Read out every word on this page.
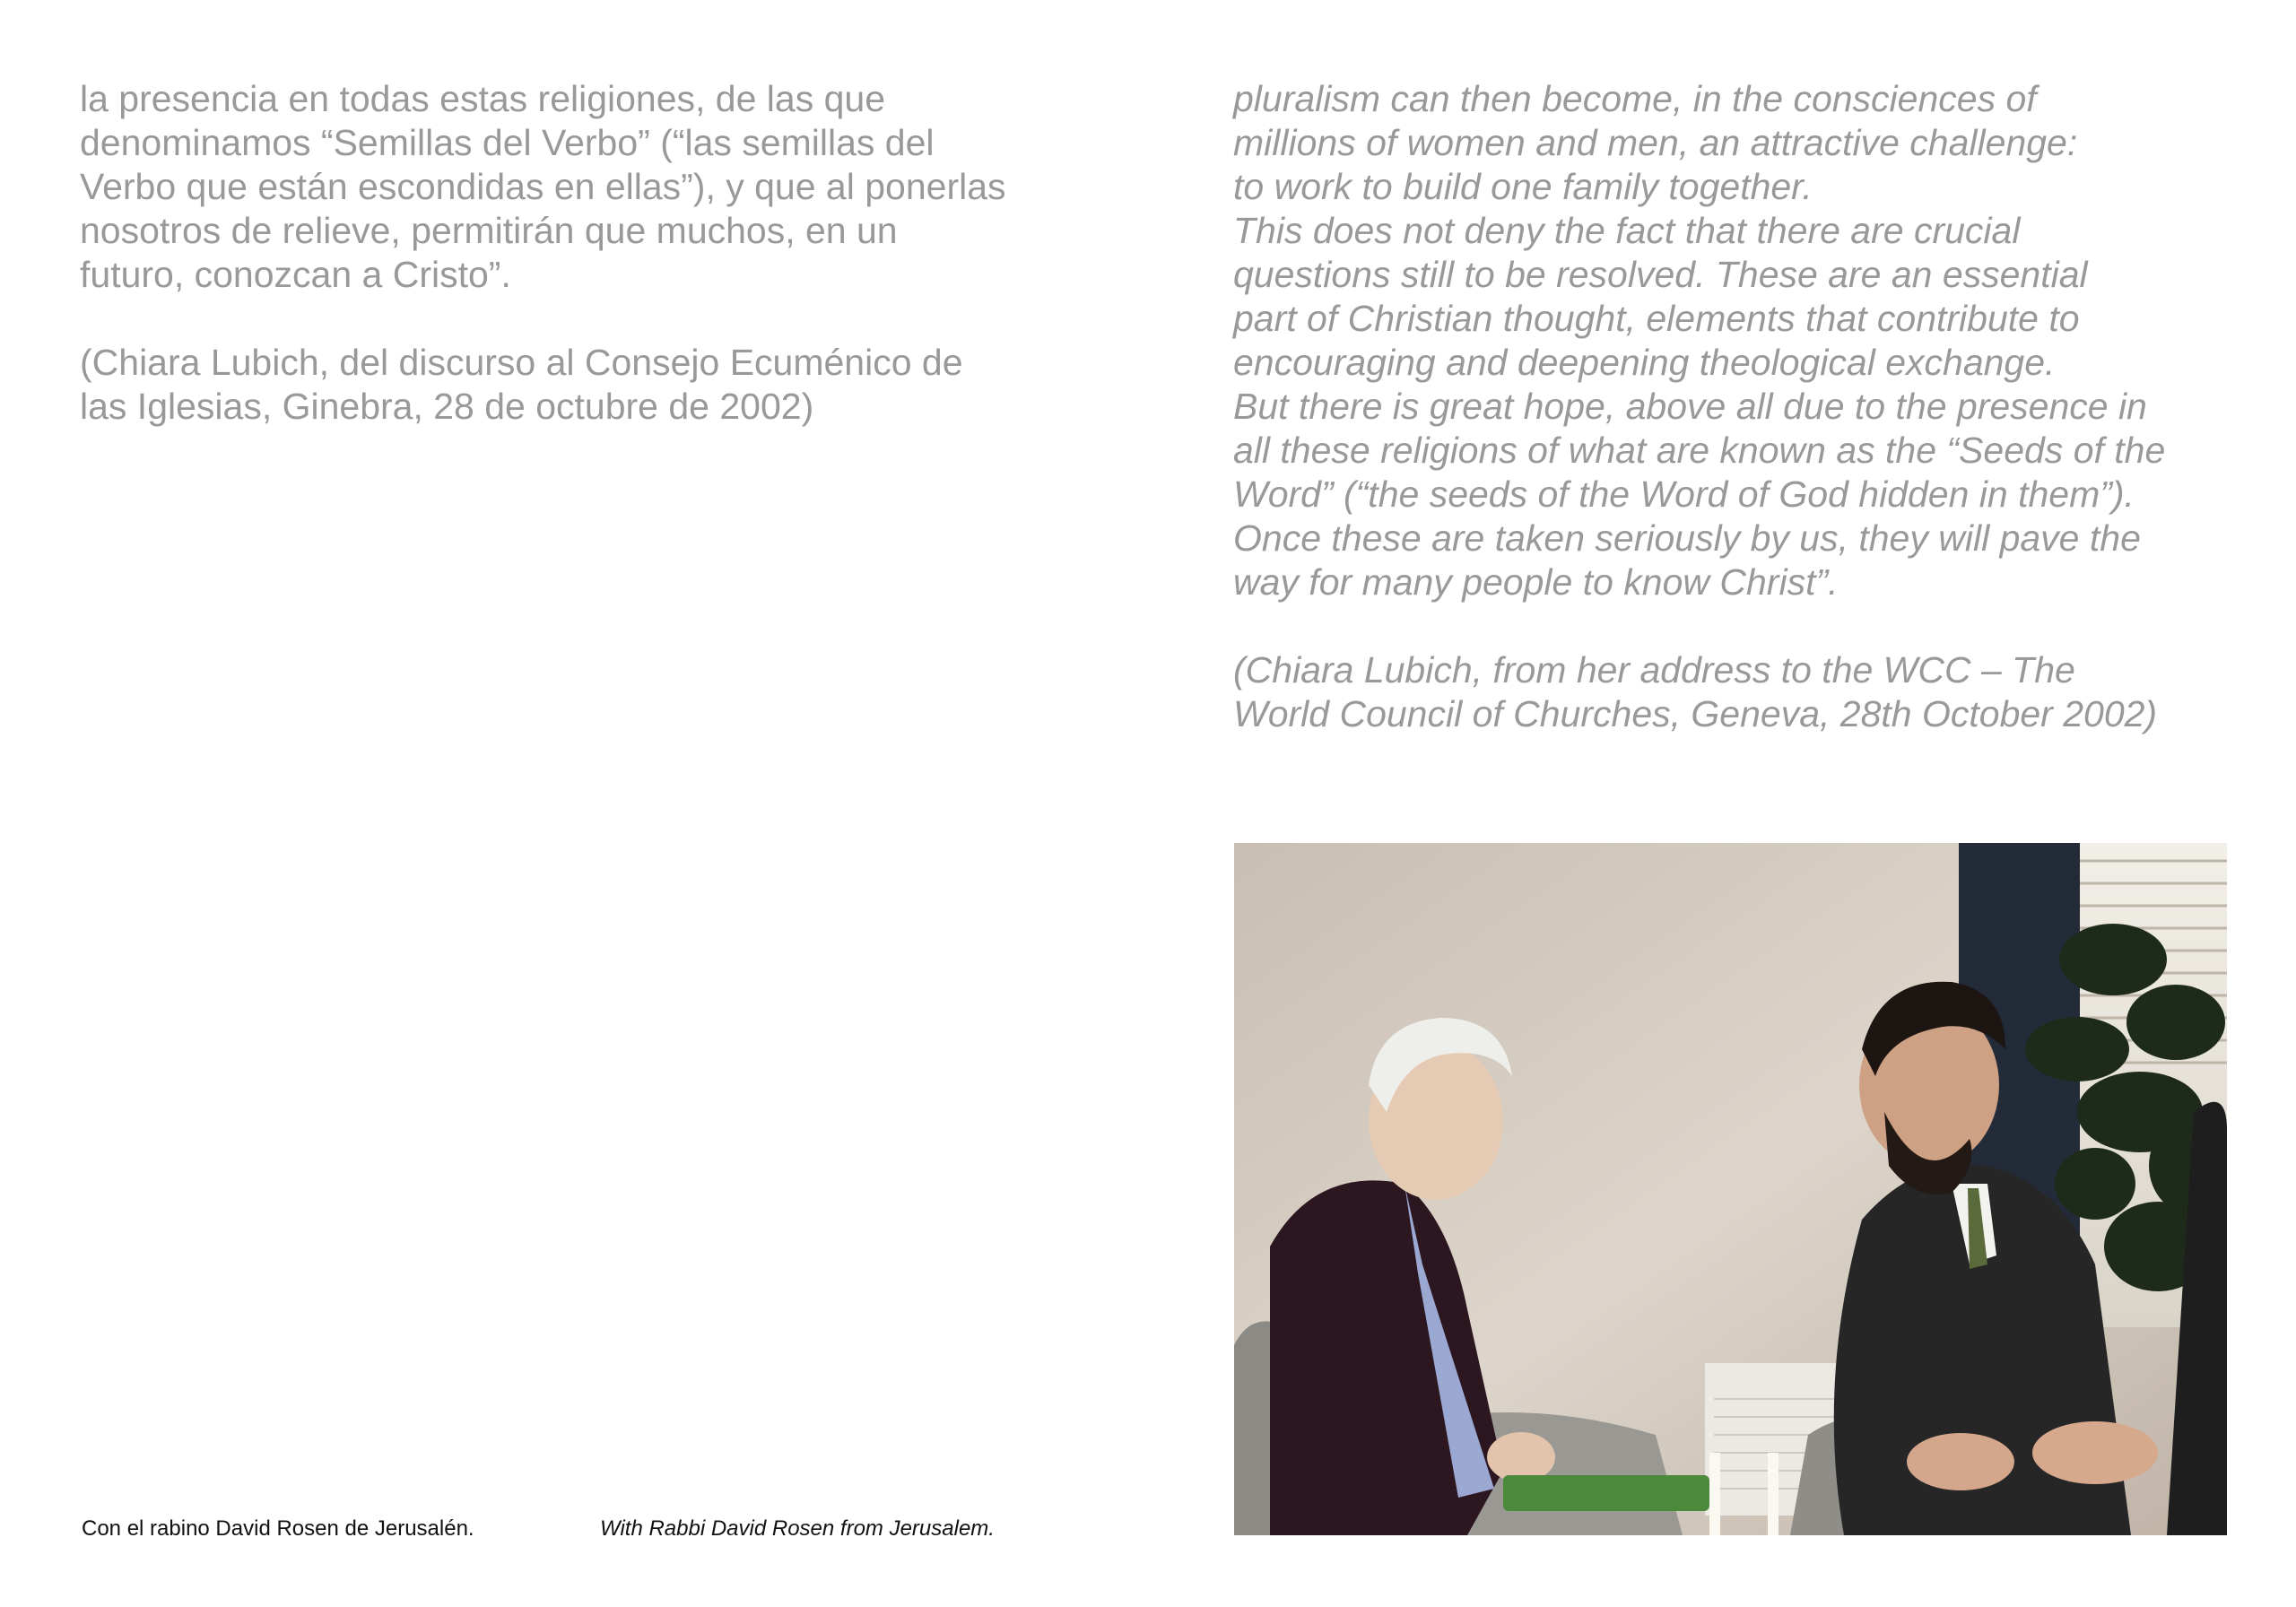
la presencia en todas estas religiones, de las que
denominamos “Semillas del Verbo” (“las semillas del
Verbo que están escondidas en ellas”), y que al ponerlas
nosotros de relieve, permitirán que muchos, en un
futuro, conozcan a Cristo”.

(Chiara Lubich, del discurso al Consejo Ecuménico de
las Iglesias, Ginebra, 28 de octubre de 2002)

pluralism can then become, in the consciences of
millions of women and men, an attractive challenge:
to work to build one family together.
This does not deny the fact that there are crucial
questions still to be resolved. These are an essential
part of Christian thought, elements that contribute to
encouraging and deepening theological exchange.
But there is great hope, above all due to the presence in
all these religions of what are known as the “Seeds of the
Word” (“the seeds of the Word of God hidden in them”).
Once these are taken seriously by us, they will pave the
way for many people to know Christ”.

(Chiara Lubich, from her address to the WCC – The
World Council of Churches, Geneva, 28th October 2002)

Con el rabino David Rosen de Jerusalén.	With Rabbi David Rosen from Jerusalem.
